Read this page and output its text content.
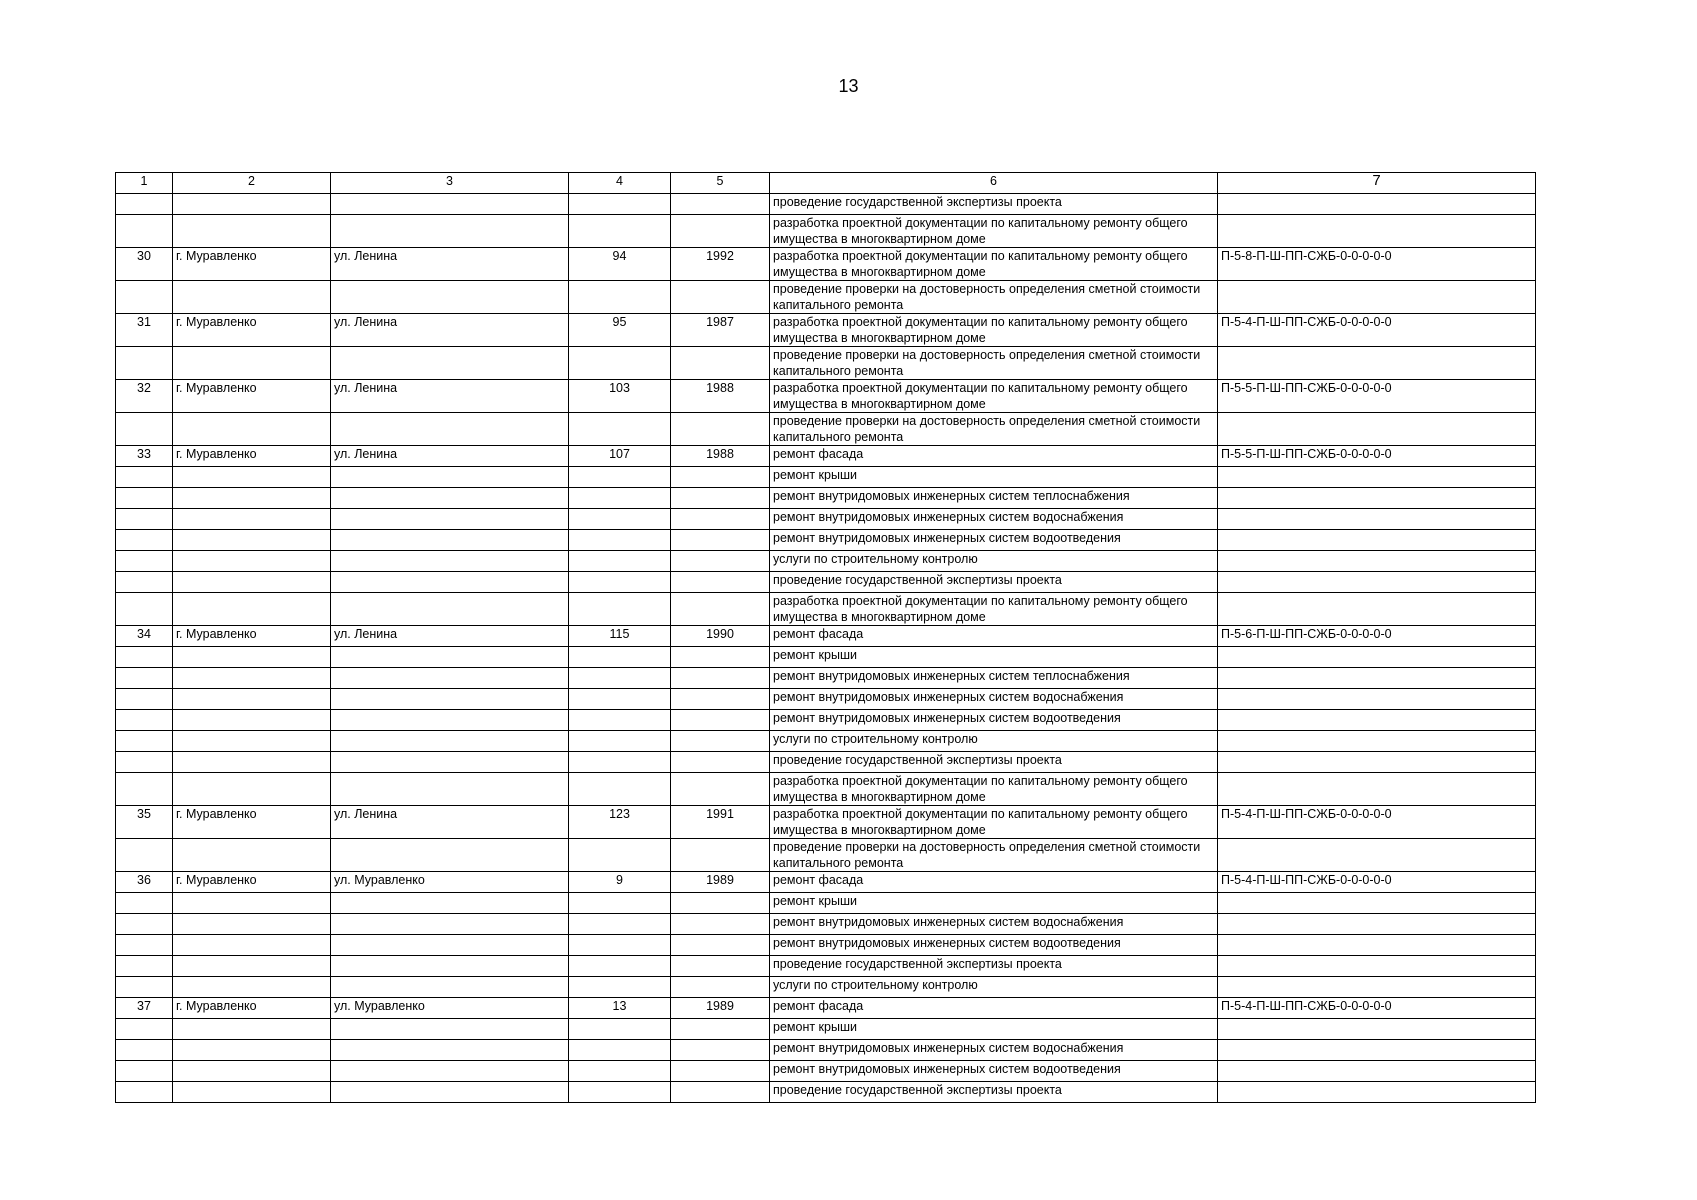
13
1	2	3	4	5	6	7
					проведение государственной экспертизы проекта	
					разработка проектной документации по капитальному ремонту общего имущества в многоквартирном доме	
30	г. Муравленко	ул. Ленина	94	1992	разработка проектной документации по капитальному ремонту общего имущества в многоквартирном доме	П-5-8-П-Ш-ПП-СЖБ-0-0-0-0-0
					проведение проверки на достоверность определения сметной стоимости капитального ремонта	
31	г. Муравленко	ул. Ленина	95	1987	разработка проектной документации по капитальному ремонту общего имущества в многоквартирном доме	П-5-4-П-Ш-ПП-СЖБ-0-0-0-0-0
					проведение проверки на достоверность определения сметной стоимости капитального ремонта	
32	г. Муравленко	ул. Ленина	103	1988	разработка проектной документации по капитальному ремонту общего имущества в многоквартирном доме	П-5-5-П-Ш-ПП-СЖБ-0-0-0-0-0
					проведение проверки на достоверность определения сметной стоимости капитального ремонта	
33	г. Муравленко	ул. Ленина	107	1988	ремонт фасада	П-5-5-П-Ш-ПП-СЖБ-0-0-0-0-0
					ремонт крыши	
					ремонт внутридомовых инженерных систем теплоснабжения	
					ремонт внутридомовых инженерных систем водоснабжения	
					ремонт внутридомовых инженерных систем водоотведения	
					услуги по строительному контролю	
					проведение государственной экспертизы проекта	
					разработка проектной документации по капитальному ремонту общего имущества в многоквартирном доме	
34	г. Муравленко	ул. Ленина	115	1990	ремонт фасада	П-5-6-П-Ш-ПП-СЖБ-0-0-0-0-0
					ремонт крыши	
					ремонт внутридомовых инженерных систем теплоснабжения	
					ремонт внутридомовых инженерных систем водоснабжения	
					ремонт внутридомовых инженерных систем водоотведения	
					услуги по строительному контролю	
					проведение государственной экспертизы проекта	
					разработка проектной документации по капитальному ремонту общего имущества в многоквартирном доме	
35	г. Муравленко	ул. Ленина	123	1991	разработка проектной документации по капитальному ремонту общего имущества в многоквартирном доме	П-5-4-П-Ш-ПП-СЖБ-0-0-0-0-0
					проведение проверки на достоверность определения сметной стоимости капитального ремонта	
36	г. Муравленко	ул. Муравленко	9	1989	ремонт фасада	П-5-4-П-Ш-ПП-СЖБ-0-0-0-0-0
					ремонт крыши	
					ремонт внутридомовых инженерных систем водоснабжения	
					ремонт внутридомовых инженерных систем водоотведения	
					проведение государственной экспертизы проекта	
					услуги по строительному контролю	
37	г. Муравленко	ул. Муравленко	13	1989	ремонт фасада	П-5-4-П-Ш-ПП-СЖБ-0-0-0-0-0
					ремонт крыши	
					ремонт внутридомовых инженерных систем водоснабжения	
					ремонт внутридомовых инженерных систем водоотведения	
					проведение государственной экспертизы проекта	
